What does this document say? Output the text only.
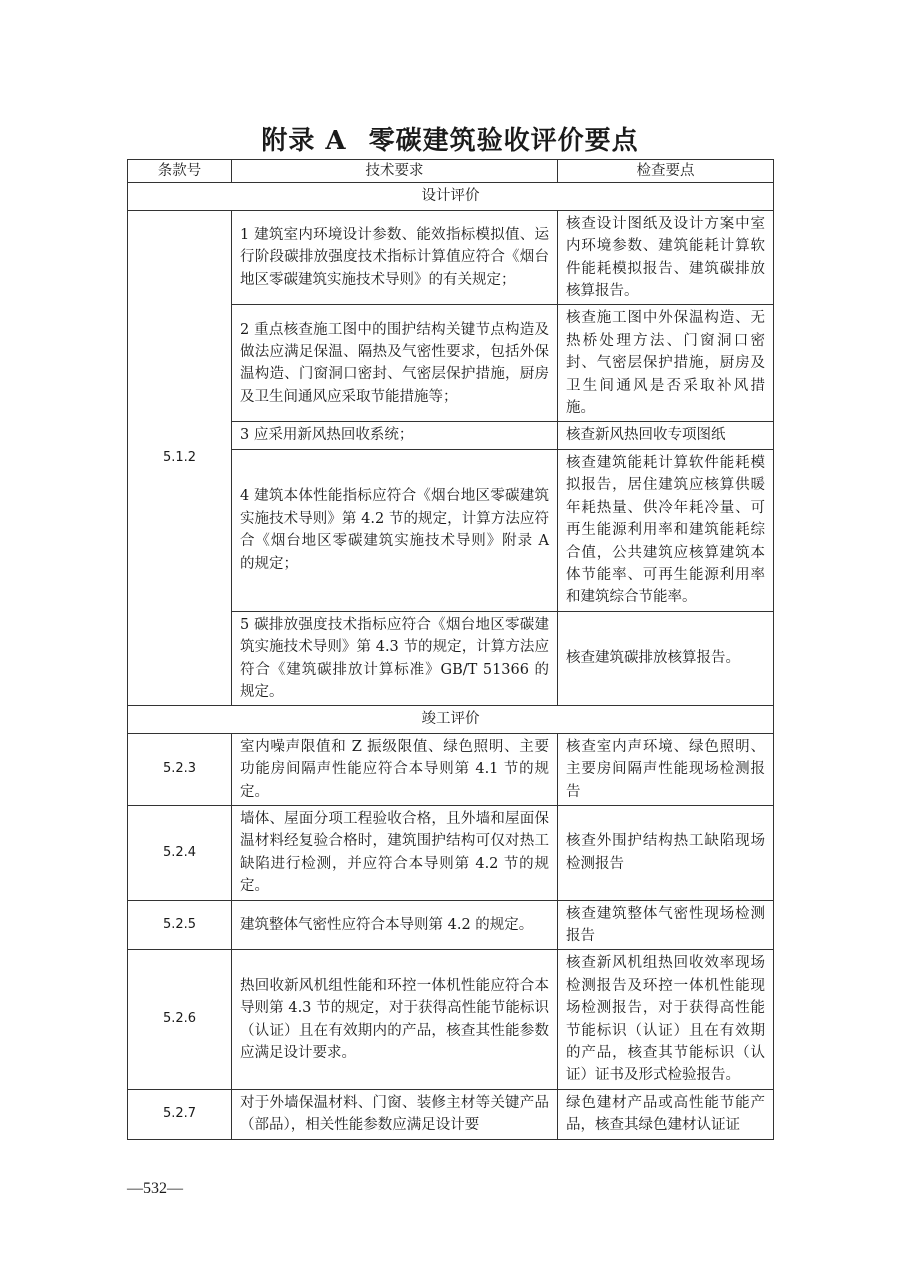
附录 A 零碳建筑验收评价要点
条款号	技术要求	检查要点
设计评价		
5.1.2	1 建筑室内环境设计参数、能效指标模拟值、运行阶段碳排放强度技术指标计算值应符合《烟台地区零碳建筑实施技术导则》的有关规定；	核查设计图纸及设计方案中室内环境参数、建筑能耗计算软件能耗模拟报告、建筑碳排放核算报告。
	2 重点核查施工图中的围护结构关键节点构造及做法应满足保温、隔热及气密性要求，包括外保温构造、门窗洞口密封、气密层保护措施，厨房及卫生间通风应采取节能措施等；	核查施工图中外保温构造、无热桥处理方法、门窗洞口密封、气密层保护措施，厨房及卫生间通风是否采取补风措施。
	3 应采用新风热回收系统；	核查新风热回收专项图纸
	4 建筑本体性能指标应符合《烟台地区零碳建筑实施技术导则》第 4.2 节的规定，计算方法应符合《烟台地区零碳建筑实施技术导则》附录 A 的规定；	核查建筑能耗计算软件能耗模拟报告，居住建筑应核算供暖年耗热量、供冷年耗冷量、可再生能源利用率和建筑能耗综合值，公共建筑应核算建筑本体节能率、可再生能源利用率和建筑综合节能率。
	5 碳排放强度技术指标应符合《烟台地区零碳建筑实施技术导则》第 4.3 节的规定，计算方法应符合《建筑碳排放计算标准》GB/T 51366 的规定。	核查建筑碳排放核算报告。
竣工评价		
5.2.3	室内噪声限值和 Z 振级限值、绿色照明、主要功能房间隔声性能应符合本导则第 4.1 节的规定。	核查室内声环境、绿色照明、主要房间隔声性能现场检测报告
5.2.4	墙体、屋面分项工程验收合格，且外墙和屋面保温材料经复验合格时，建筑围护结构可仅对热工缺陷进行检测，并应符合本导则第 4.2 节的规定。	核查外围护结构热工缺陷现场检测报告
5.2.5	建筑整体气密性应符合本导则第 4.2 的规定。	核查建筑整体气密性现场检测报告
5.2.6	热回收新风机组性能和环控一体机性能应符合本导则第 4.3 节的规定，对于获得高性能节能标识（认证）且在有效期内的产品，核查其性能参数应满足设计要求。	核查新风机组热回收效率现场检测报告及环控一体机性能现场检测报告，对于获得高性能节能标识（认证）且在有效期的产品，核查其节能标识（认证）证书及形式检验报告。
5.2.7	对于外墙保温材料、门窗、装修主材等关键产品（部品），相关性能参数应满足设计要	绿色建材产品或高性能节能产品，核查其绿色建材认证证
—532—
